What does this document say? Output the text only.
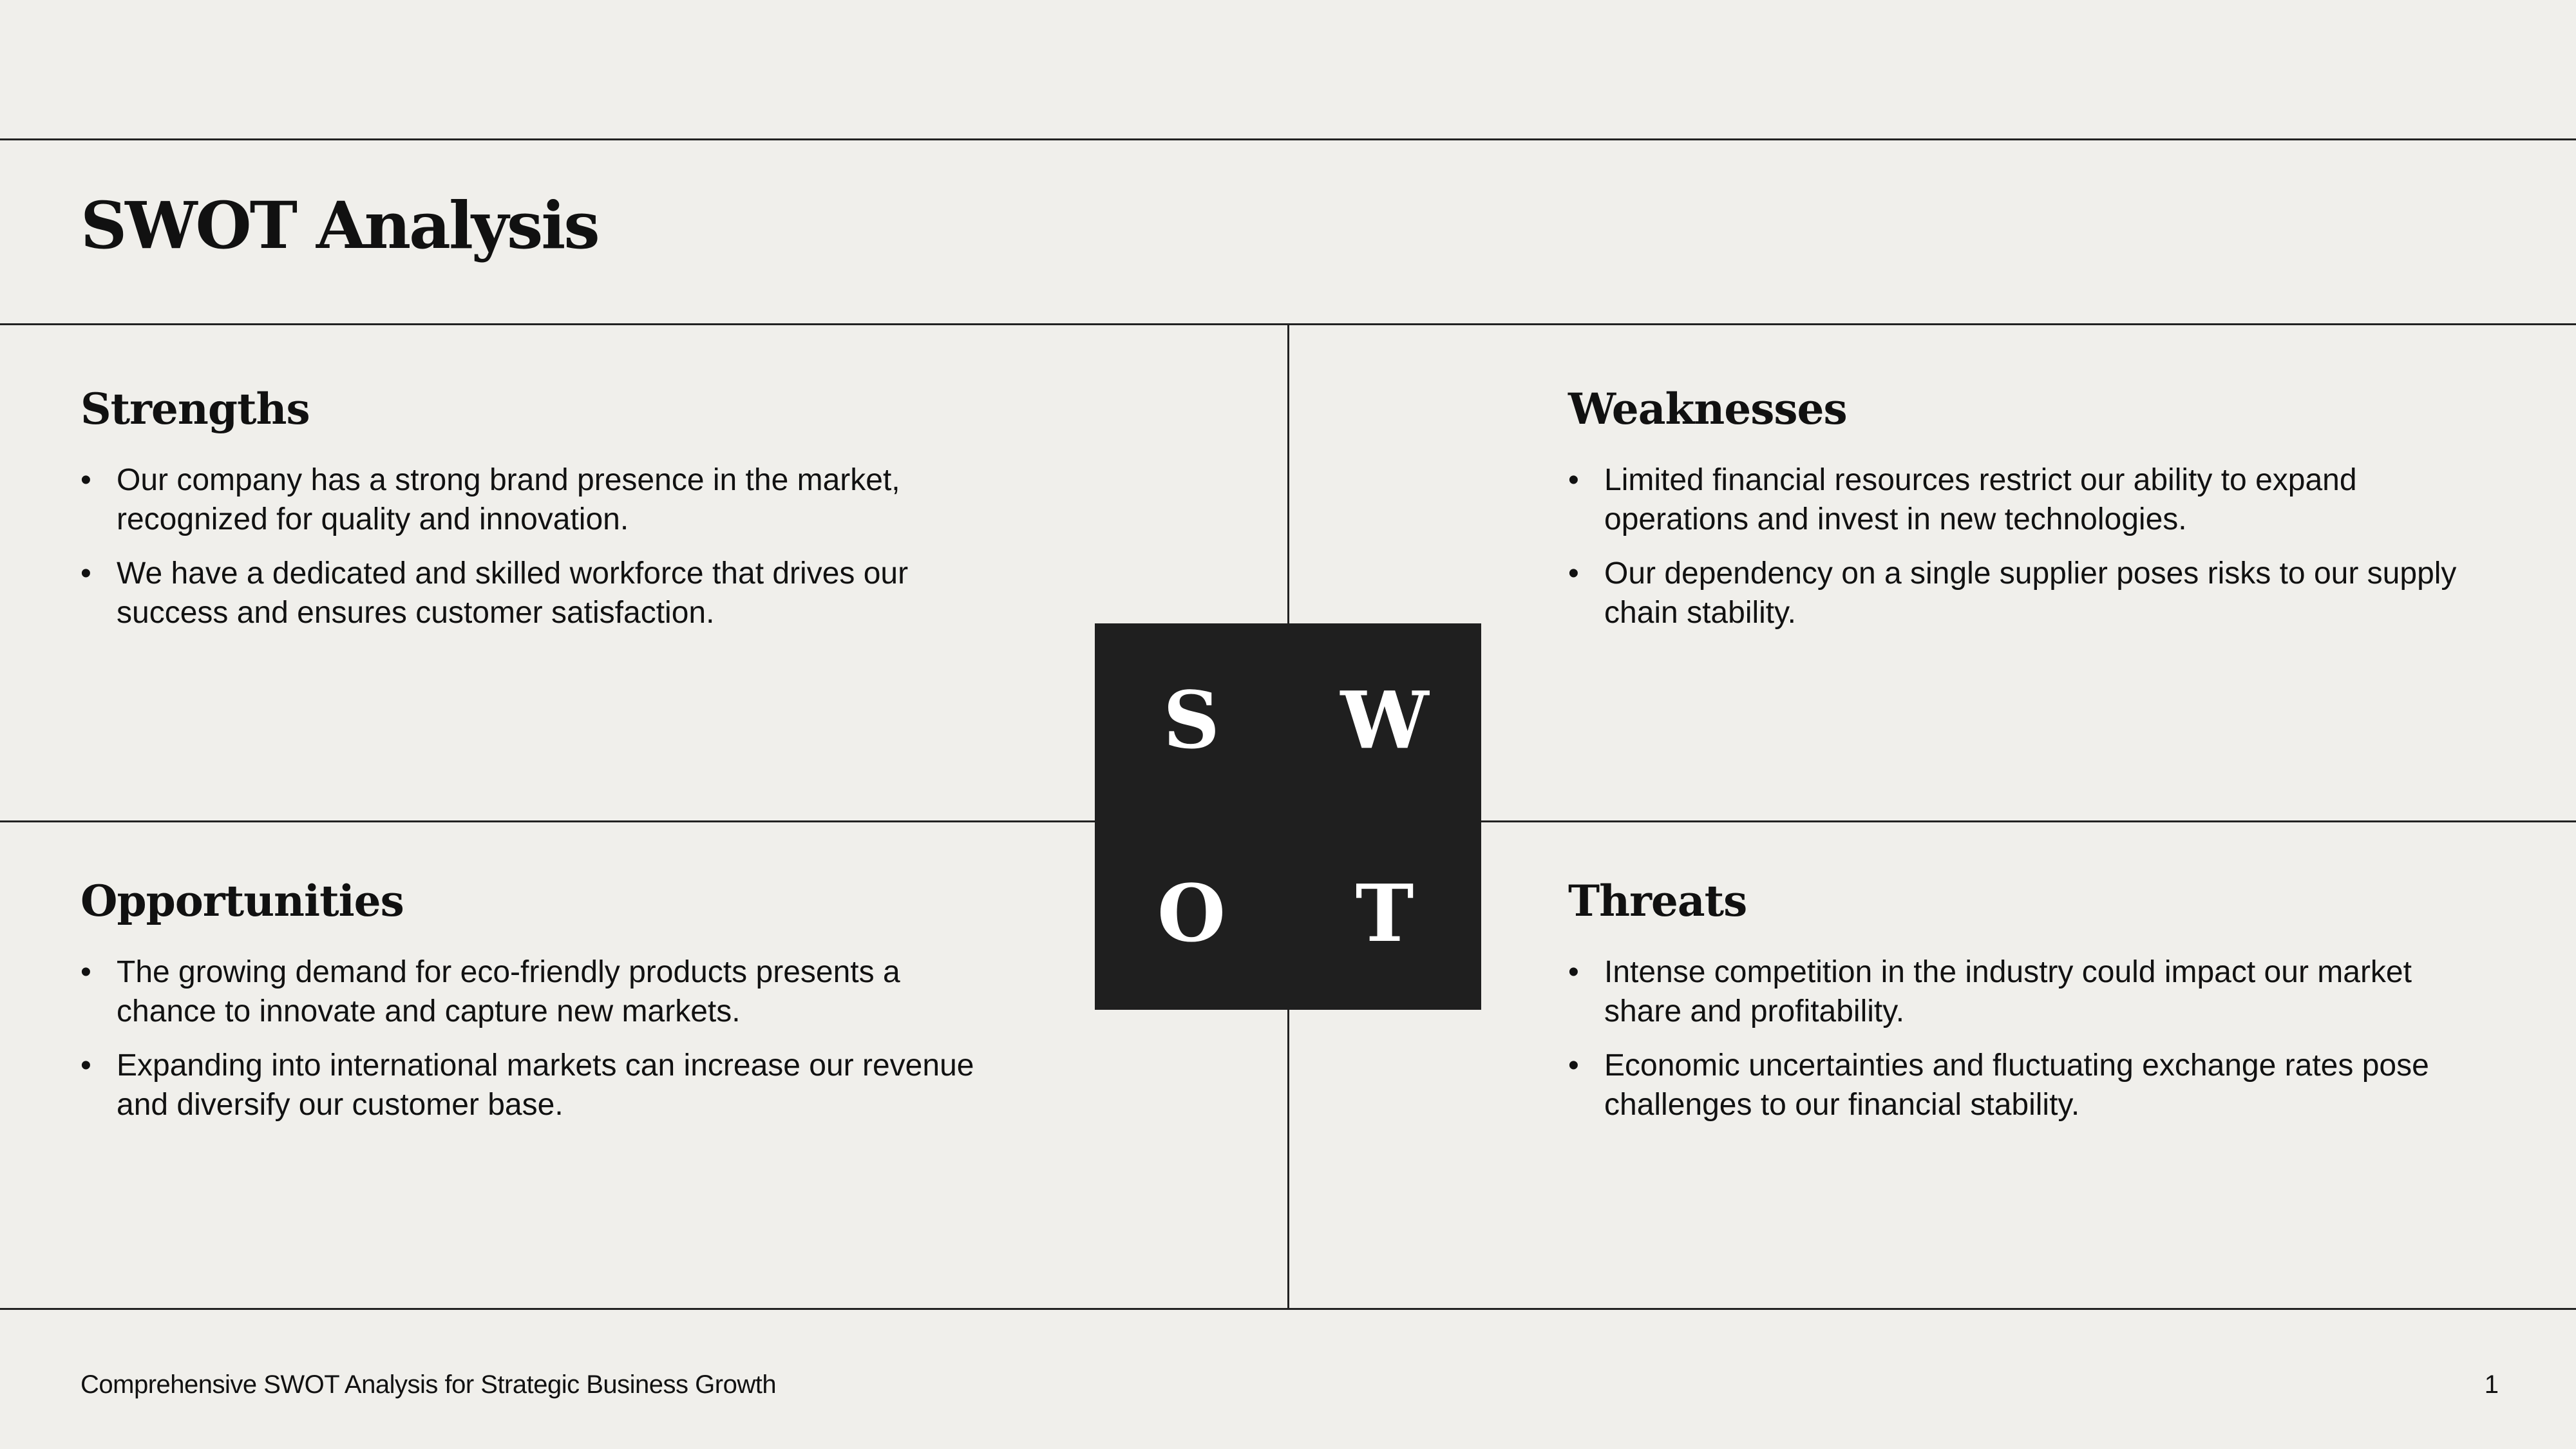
SWOT Analysis
Strengths
• Our company has a strong brand presence in the market, recognized for quality and innovation.
• We have a dedicated and skilled workforce that drives our success and ensures customer satisfaction.
Weaknesses
• Limited financial resources restrict our ability to expand operations and invest in new technologies.
• Our dependency on a single supplier poses risks to our supply chain stability.
Opportunities
• The growing demand for eco-friendly products presents a chance to innovate and capture new markets.
• Expanding into international markets can increase our revenue and diversify our customer base.
Threats
• Intense competition in the industry could impact our market share and profitability.
• Economic uncertainties and fluctuating exchange rates pose challenges to our financial stability.
S	W
O	T
Comprehensive SWOT Analysis for Strategic Business Growth	1
